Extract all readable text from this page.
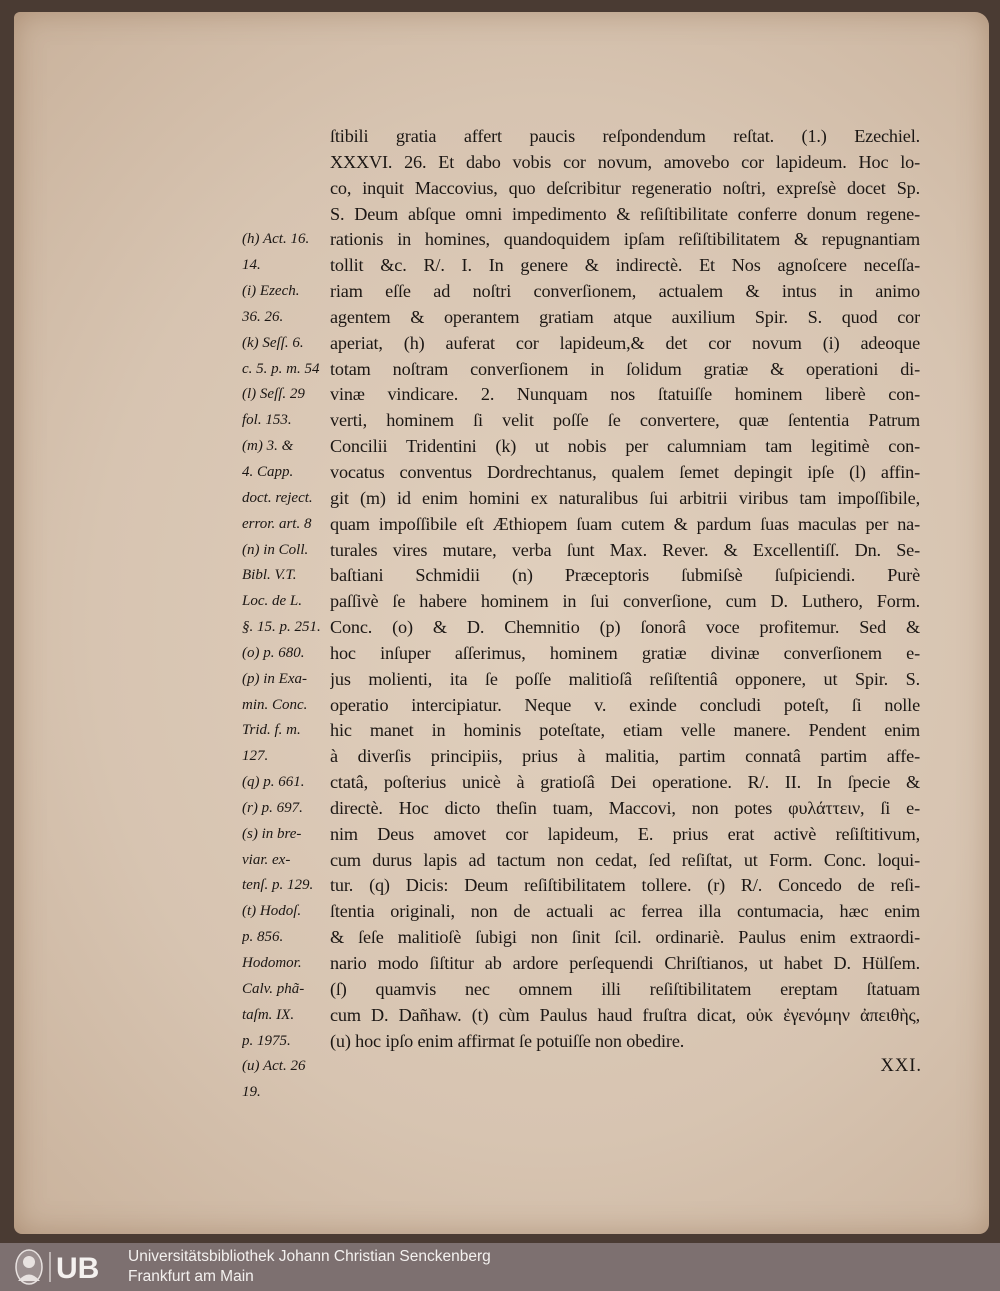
ſtibili gratia affert paucis reſpondendum reſtat. (1.) Ezechiel.
XXXVI. 26. Et dabo vobis cor novum, amovebo cor lapideum. Hoc lo-
co, inquit Maccovius, quo deſcribitur regeneratio noſtri, expreſsè docet Sp.
S. Deum abſque omni impedimento & reſiſtibilitate conferre donum regene-
(h) Act. 16.	rationis in homines, quandoquidem ipſam reſiſtibilitatem & repugnantiam
14.	tollit &c. R/. I. In genere & indirectè. Et Nos agnoſcere neceſſa-
(i) Ezech.	riam eſſe ad noſtri converſionem, actualem & intus in animo
36. 26.	agentem & operantem gratiam atque auxilium Spir. S. quod cor
(k) Seſſ. 6.	aperiat, (h) auferat cor lapideum,& det cor novum (i) adeoque
c. 5. p. m. 54 totam noſtram converſionem in ſolidum gratiæ & operationi di-
(l) Seſſ. 29	vinæ vindicare. 2. Nunquam nos ſtatuiſſe hominem liberè con-
fol. 153.	verti, hominem ſi velit poſſe ſe convertere, quæ ſententia Patrum
(m) 3. &	Concilii Tridentini (k) ut nobis per calumniam tam legitimè con-
4. Capp.	vocatus conventus Dordrechtanus, qualem ſemet depingit ipſe (l) affin-
doct. reject. git (m) id enim homini ex naturalibus ſui arbitrii viribus tam impoſſibile,
error. art. 8	quam impoſſibile eſt Æthiopem ſuam cutem & pardum ſuas maculas per na-
(n) in Coll.	turales vires mutare, verba ſunt Max. Rever. & Excellentiſſ. Dn. Se-
Bibl. V.T.	baſtiani Schmidii (n) Præceptoris ſubmiſsè ſuſpiciendi. Purè
Loc. de L.	paſſivè ſe habere hominem in ſui converſione, cum D. Luthero, Form.
§. 15. p. 251. Conc. (o) & D. Chemnitio (p) ſonorâ voce profitemur. Sed &
(o) p. 680.	hoc inſuper aſſerimus, hominem gratiæ divinæ converſionem e-
(p) in Exa-	jus molienti, ita ſe poſſe malitioſâ reſiſtentiâ opponere, ut Spir. S.
min. Conc.	operatio intercipiatur. Neque v. exinde concludi poteſt, ſi nolle
Trid. f. m.	hic manet in hominis poteſtate, etiam velle manere. Pendent enim
127.	à diverſis principiis, prius à malitia, partim connatâ partim affe-
(q) p. 661.	ctatâ, poſterius unicè à gratioſâ Dei operatione. R/. II. In ſpecie &
(r) p. 697.	directè. Hoc dicto theſin tuam, Maccovi, non potes φυλάττειν, ſi e-
(s) in bre-	nim Deus amovet cor lapideum, E. prius erat activè reſiſtitivum,
viar. ex-	cum durus lapis ad tactum non cedat, ſed reſiſtat, ut Form. Conc. loqui-
tenſ. p. 129. tur. (q) Dicis: Deum reſiſtibilitatem tollere. (r) R/. Concedo de reſi-
(t) Hodoſ.	ſtentia originali, non de actuali ac ferrea illa contumacia, hæc enim
p. 856.	& ſeſe malitioſè ſubigi non ſinit ſcil. ordinariè. Paulus enim extraordi-
Hodomor.	nario modo ſiſtitur ab ardore perſequendi Chriſtianos, ut habet D. Hülſem.
Calv. phã-	(ſ) quamvis nec omnem illi reſiſtibilitatem ereptam ſtatuam
taſm. IX.	cum D. Dañhaw. (t) cùm Paulus haud fruſtra dicat, οὐκ ἐγενόμην ἀπειθὴς,
p. 1975.	(u) hoc ipſo enim affirmat ſe potuiſſe non obedire.
(u) Act. 26	XXI.
19.
UB Universitätsbibliothek Johann Christian Senckenberg
Frankfurt am Main
